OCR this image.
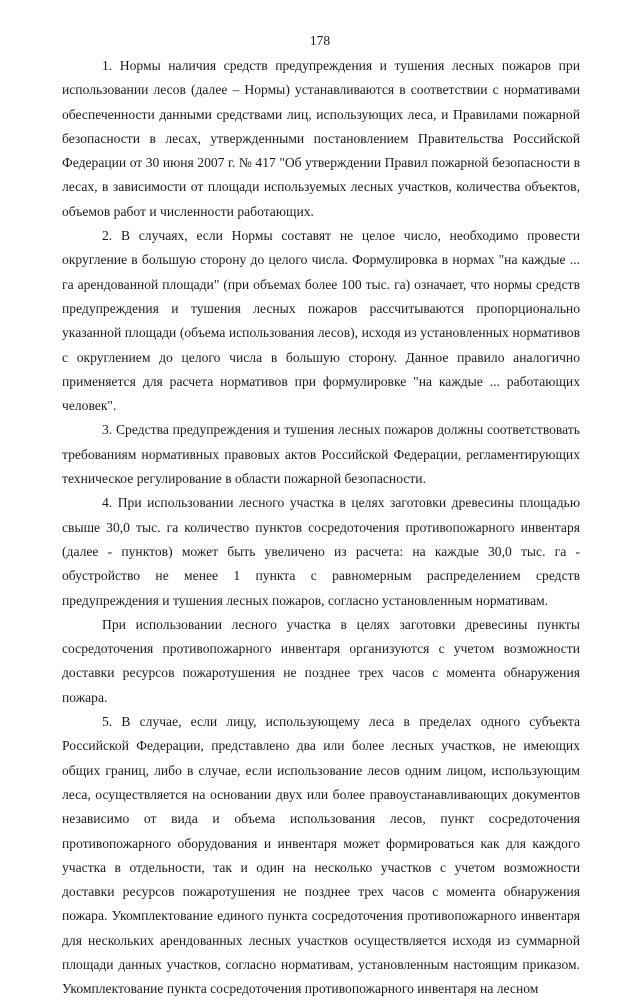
178

1. Нормы наличия средств предупреждения и тушения лесных пожаров при использовании лесов (далее – Нормы) устанавливаются в соответствии с нормативами обеспеченности данными средствами лиц, использующих леса, и Правилами пожарной безопасности в лесах, утвержденными постановлением Правительства Российской Федерации от 30 июня 2007 г. № 417 "Об утверждении Правил пожарной безопасности в лесах, в зависимости от площади используемых лесных участков, количества объектов, объемов работ и численности работающих.

2. В случаях, если Нормы составят не целое число, необходимо провести округление в большую сторону до целого числа. Формулировка в нормах "на каждые ... га арендованной площади" (при объемах более 100 тыс. га) означает, что нормы средств предупреждения и тушения лесных пожаров рассчитываются пропорционально указанной площади (объема использования лесов), исходя из установленных нормативов с округлением до целого числа в большую сторону. Данное правило аналогично применяется для расчета нормативов при формулировке "на каждые ... работающих человек".

3. Средства предупреждения и тушения лесных пожаров должны соответствовать требованиям нормативных правовых актов Российской Федерации, регламентирующих техническое регулирование в области пожарной безопасности.

4. При использовании лесного участка в целях заготовки древесины площадью свыше 30,0 тыс. га количество пунктов сосредоточения противопожарного инвентаря (далее - пунктов) может быть увеличено из расчета: на каждые 30,0 тыс. га - обустройство не менее 1 пункта с равномерным распределением средств предупреждения и тушения лесных пожаров, согласно установленным нормативам.

При использовании лесного участка в целях заготовки древесины пункты сосредоточения противопожарного инвентаря организуются с учетом возможности доставки ресурсов пожаротушения не позднее трех часов с момента обнаружения пожара.

5. В случае, если лицу, использующему леса в пределах одного субъекта Российской Федерации, представлено два или более лесных участков, не имеющих общих границ, либо в случае, если использование лесов одним лицом, использующим леса, осуществляется на основании двух или более правоустанавливающих документов независимо от вида и объема использования лесов, пункт сосредоточения противопожарного оборудования и инвентаря может формироваться как для каждого участка в отдельности, так и один на несколько участков с учетом возможности доставки ресурсов пожаротушения не позднее трех часов с момента обнаружения пожара. Укомплектование единого пункта сосредоточения противопожарного инвентаря для нескольких арендованных лесных участков осуществляется исходя из суммарной площади данных участков, согласно нормативам, установленным настоящим приказом. Укомплектование пункта сосредоточения противопожарного инвентаря на лесном
